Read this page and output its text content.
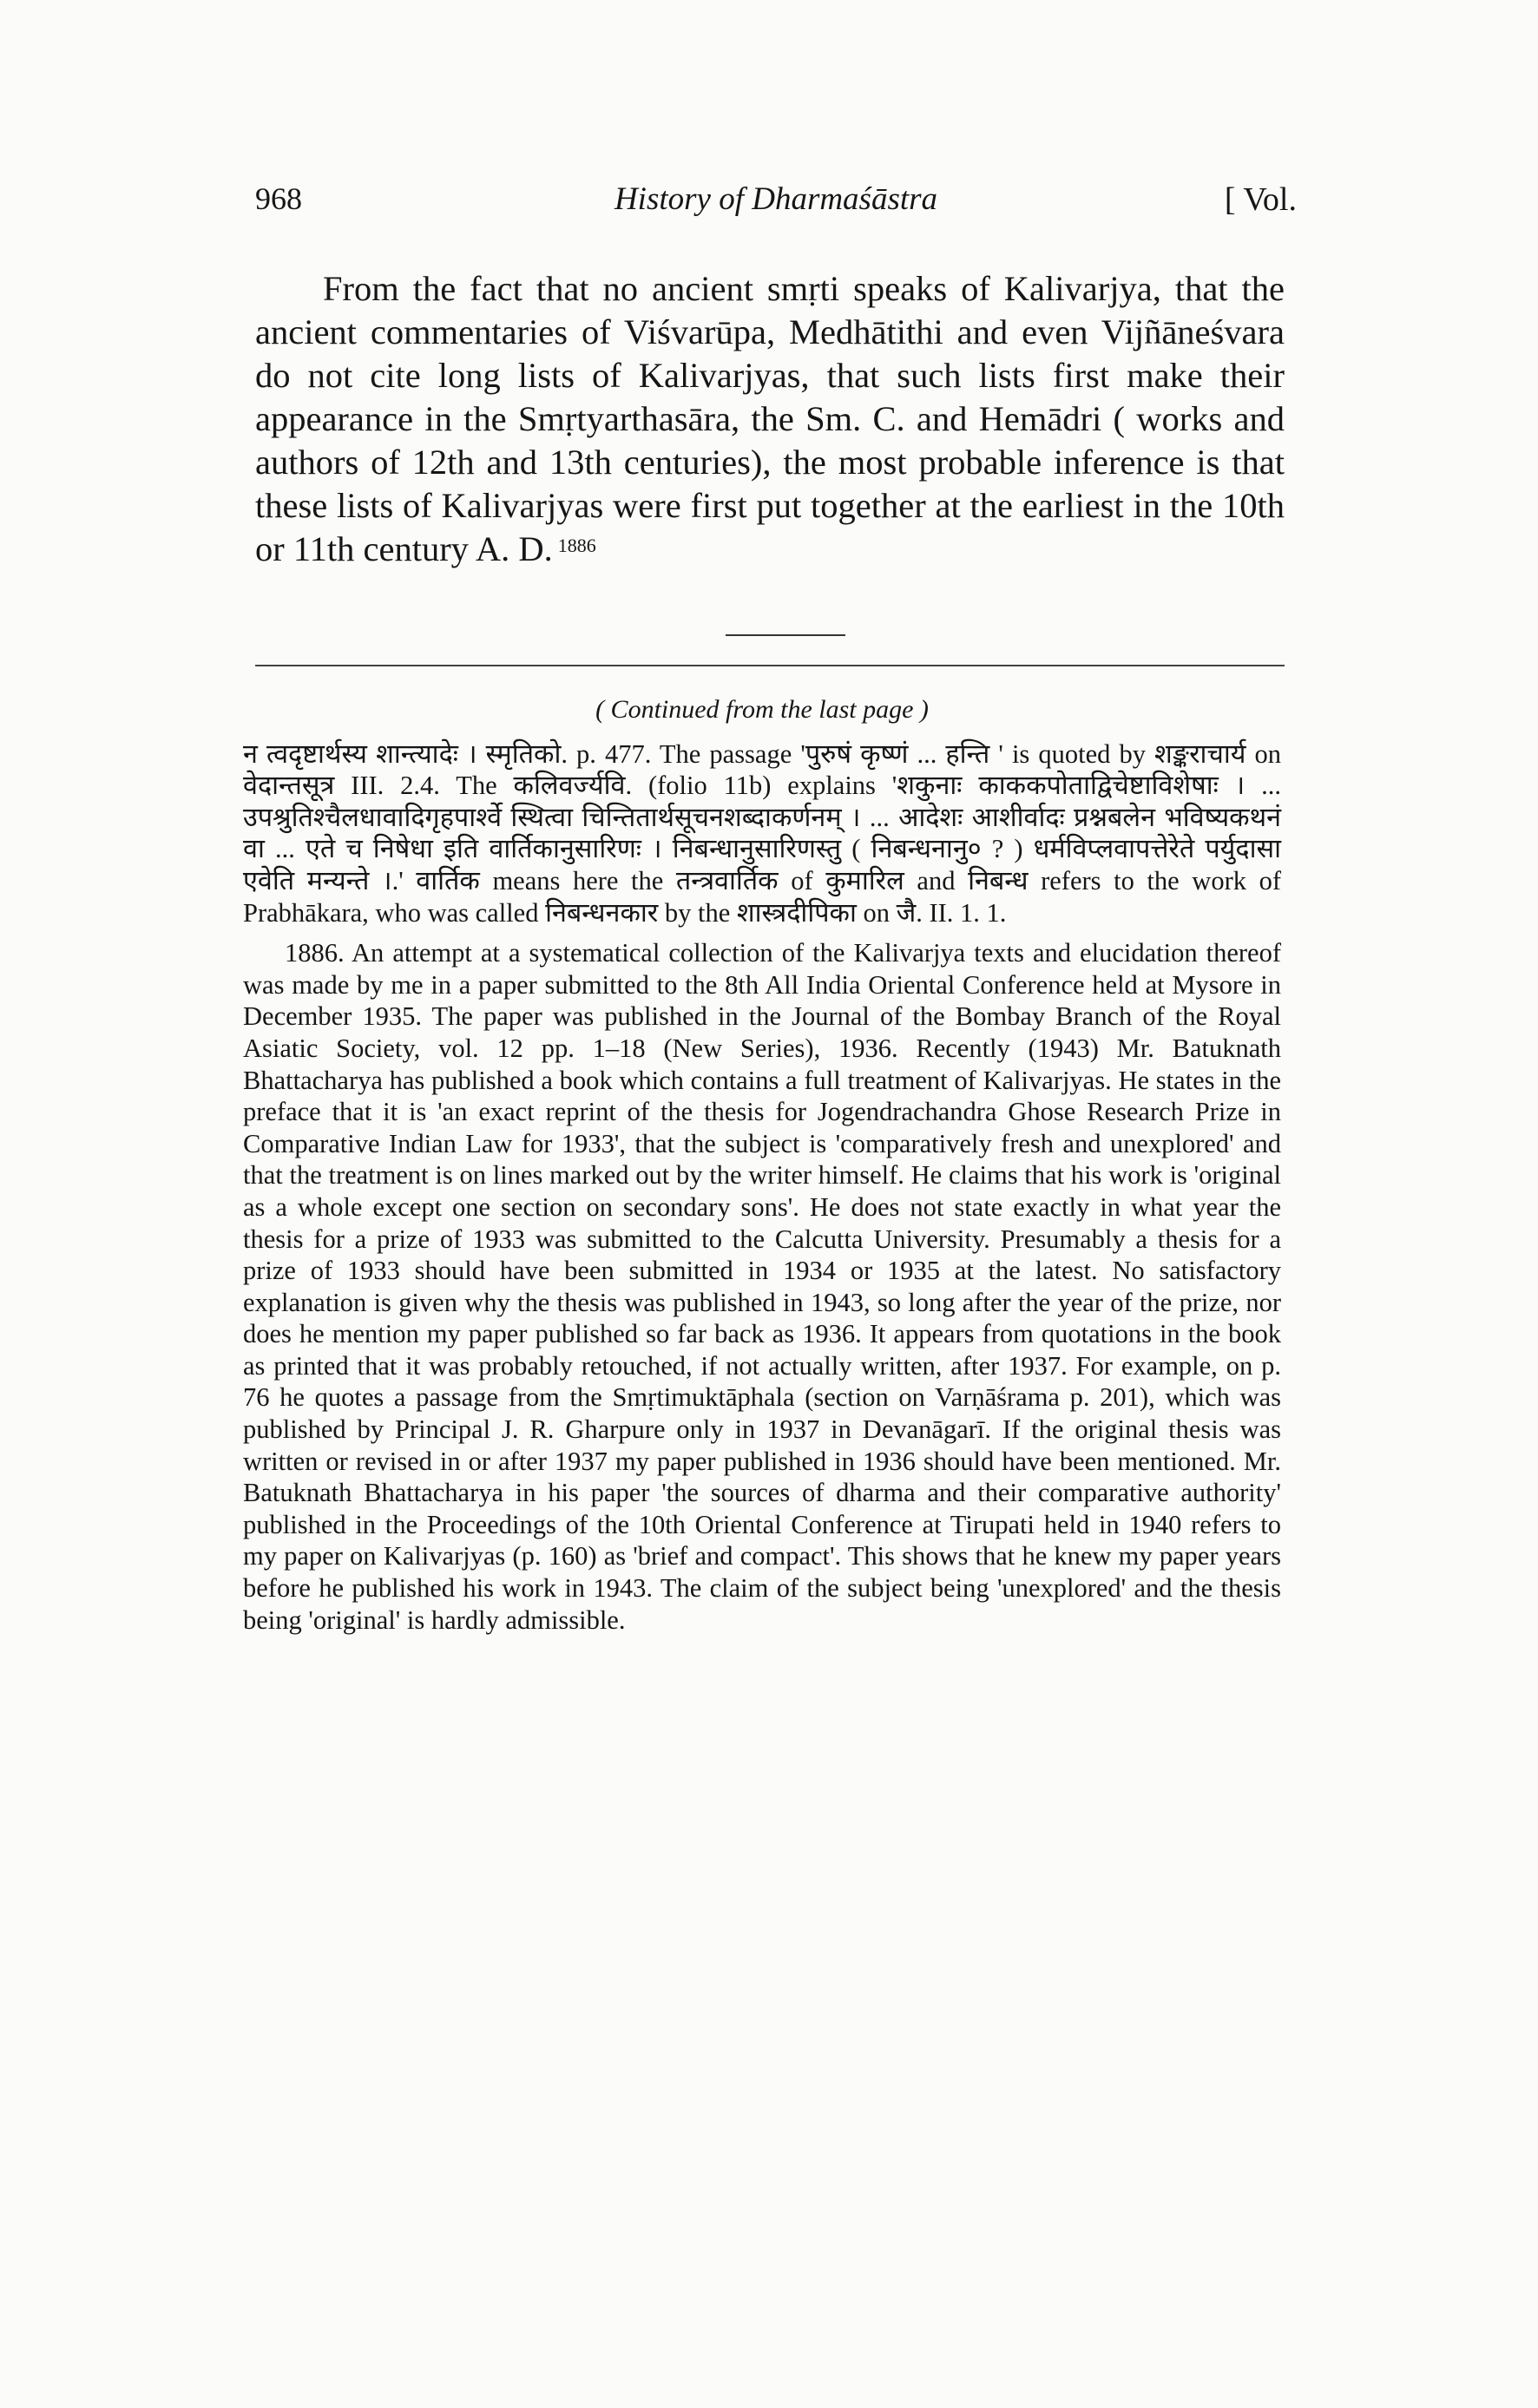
968	History of Dharmaśāstra	[ Vol.

From the fact that no ancient smṛti speaks of Kalivarjya, that the ancient commentaries of Viśvarūpa, Medhātithi and even Vijñāneśvara do not cite long lists of Kalivarjyas, that such lists first make their appearance in the Smṛtyarthasāra, the Sm. C. and Hemādri ( works and authors of 12th and 13th centuries), the most probable inference is that these lists of Kalivarjyas were first put together at the earliest in the 10th or 11th century A. D. $^{1886}$

( Continued from the last page )

न त्वदृष्टार्थस्य शान्त्यादेः । स्मृतिको. p. 477. The passage 'पुरुषं कृष्णं ... हन्ति ' is quoted by शङ्कराचार्य on वेदान्तसूत्र III. 2.4. The कलिवर्ज्यवि. (folio 11b) explains 'शकुनाः काककपोताद्विचेष्टाविशेषाः । ... उपश्रुतिश्चैलधावादिगृहपार्श्वे स्थित्वा चिन्तितार्थसूचनशब्दाकर्णनम् । ... आदेशः आशीर्वादः प्रश्नबलेन भविष्यकथनं वा ... एते च निषेधा इति वार्तिकानुसारिणः । निबन्धानुसारिणस्तु ( निबन्धनानु० ? ) धर्मविप्लवापत्तेरेते पर्युदासा एवेति मन्यन्ते ।.' वार्तिक means here the तन्त्रवार्तिक of कुमारिल and निबन्ध refers to the work of Prabhākara, who was called निबन्धनकार by the शास्त्रदीपिका on जै. II. 1. 1.

1886. An attempt at a systematical collection of the Kalivarjya texts and elucidation thereof was made by me in a paper submitted to the 8th All India Oriental Conference held at Mysore in December 1935. The paper was published in the Journal of the Bombay Branch of the Royal Asiatic Society, vol. 12 pp. 1–18 (New Series), 1936. Recently (1943) Mr. Batuknath Bhattacharya has published a book which contains a full treatment of Kalivarjyas. He states in the preface that it is 'an exact reprint of the thesis for Jogendrachandra Ghose Research Prize in Comparative Indian Law for 1933', that the subject is 'comparatively fresh and unexplored' and that the treatment is on lines marked out by the writer himself. He claims that his work is 'original as a whole except one section on secondary sons'. He does not state exactly in what year the thesis for a prize of 1933 was submitted to the Calcutta University. Presumably a thesis for a prize of 1933 should have been submitted in 1934 or 1935 at the latest. No satisfactory explanation is given why the thesis was published in 1943, so long after the year of the prize, nor does he mention my paper published so far back as 1936. It appears from quotations in the book as printed that it was probably retouched, if not actually written, after 1937. For example, on p. 76 he quotes a passage from the Smṛtimuktāphala (section on Varṇāśrama p. 201), which was published by Principal J. R. Gharpure only in 1937 in Devanāgarī. If the original thesis was written or revised in or after 1937 my paper published in 1936 should have been mentioned. Mr. Batuknath Bhattacharya in his paper 'the sources of dharma and their comparative authority' published in the Proceedings of the 10th Oriental Conference at Tirupati held in 1940 refers to my paper on Kalivarjyas (p. 160) as 'brief and compact'. This shows that he knew my paper years before he published his work in 1943. The claim of the subject being 'unexplored' and the thesis being 'original' is hardly admissible.
